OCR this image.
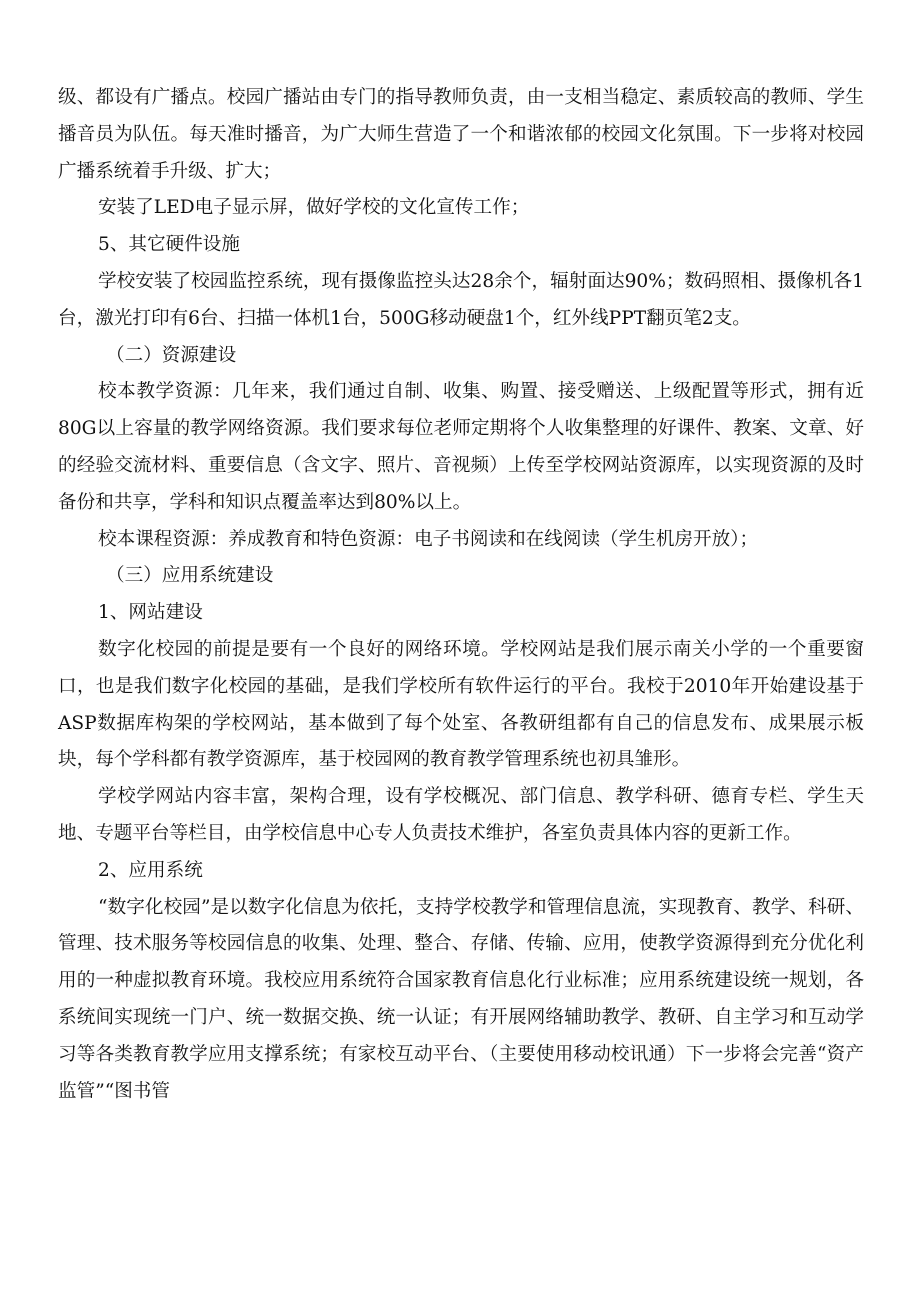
级、都设有广播点。校园广播站由专门的指导教师负责，由一支相当稳定、素质较高的教师、学生播音员为队伍。每天准时播音，为广大师生营造了一个和谐浓郁的校园文化氛围。下一步将对校园广播系统着手升级、扩大；

安装了LED电子显示屏，做好学校的文化宣传工作；

5、其它硬件设施

学校安装了校园监控系统，现有摄像监控头达28余个，辐射面达90%；数码照相、摄像机各1台，激光打印有6台、扫描一体机1台，500G移动硬盘1个，红外线PPT翻页笔2支。

（二）资源建设

校本教学资源：几年来，我们通过自制、收集、购置、接受赠送、上级配置等形式，拥有近80G以上容量的教学网络资源。我们要求每位老师定期将个人收集整理的好课件、教案、文章、好的经验交流材料、重要信息（含文字、照片、音视频）上传至学校网站资源库，以实现资源的及时备份和共享，学科和知识点覆盖率达到80%以上。

校本课程资源：养成教育和特色资源：电子书阅读和在线阅读（学生机房开放）；

（三）应用系统建设

1、网站建设

数字化校园的前提是要有一个良好的网络环境。学校网站是我们展示南关小学的一个重要窗口，也是我们数字化校园的基础，是我们学校所有软件运行的平台。我校于2010年开始建设基于ASP数据库构架的学校网站，基本做到了每个处室、各教研组都有自己的信息发布、成果展示板块，每个学科都有教学资源库，基于校园网的教育教学管理系统也初具雏形。

学校学网站内容丰富，架构合理，设有学校概况、部门信息、教学科研、德育专栏、学生天地、专题平台等栏目，由学校信息中心专人负责技术维护，各室负责具体内容的更新工作。

2、应用系统

“数字化校园”是以数字化信息为依托，支持学校教学和管理信息流，实现教育、教学、科研、管理、技术服务等校园信息的收集、处理、整合、存储、传输、应用，使教学资源得到充分优化利用的一种虚拟教育环境。我校应用系统符合国家教育信息化行业标准；应用系统建设统一规划，各系统间实现统一门户、统一数据交换、统一认证；有开展网络辅助教学、教研、自主学习和互动学习等各类教育教学应用支撑系统；有家校互动平台、（主要使用移动校讯通）下一步将会完善“资产监管”“图书管
